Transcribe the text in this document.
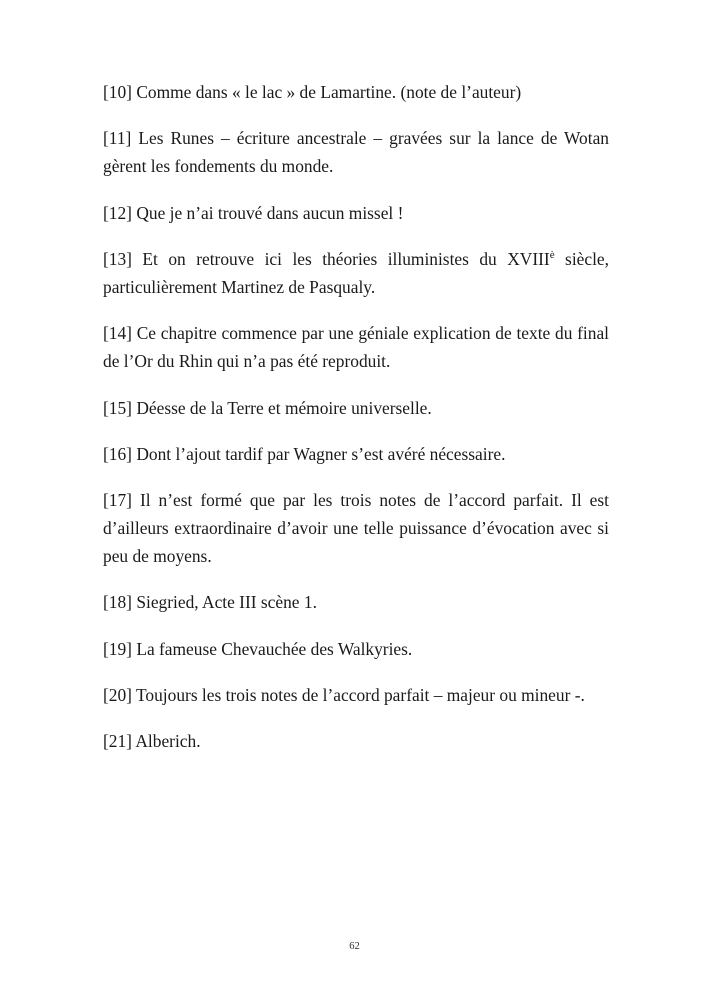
[10] Comme dans « le lac » de Lamartine. (note de l’auteur)

[11] Les Runes – écriture ancestrale – gravées sur la lance de Wotan gèrent les fondements du monde.

[12] Que je n’ai trouvé dans aucun missel !

[13] Et on retrouve ici les théories illuministes du $XVIII^è$ siècle, particulièrement Martinez de Pasqualy.

[14] Ce chapitre commence par une géniale explication de texte du final de l’Or du Rhin qui n’a pas été reproduit.

[15] Déesse de la Terre et mémoire universelle.

[16] Dont l’ajout tardif par Wagner s’est avéré nécessaire.

[17] Il n’est formé que par les trois notes de l’accord parfait. Il est d’ailleurs extraordinaire d’avoir une telle puissance d’évocation avec si peu de moyens.

[18] Siegried, Acte III scène 1.

[19] La fameuse Chevauchée des Walkyries.

[20] Toujours les trois notes de l’accord parfait – majeur ou mineur -.

[21] Alberich.

62
